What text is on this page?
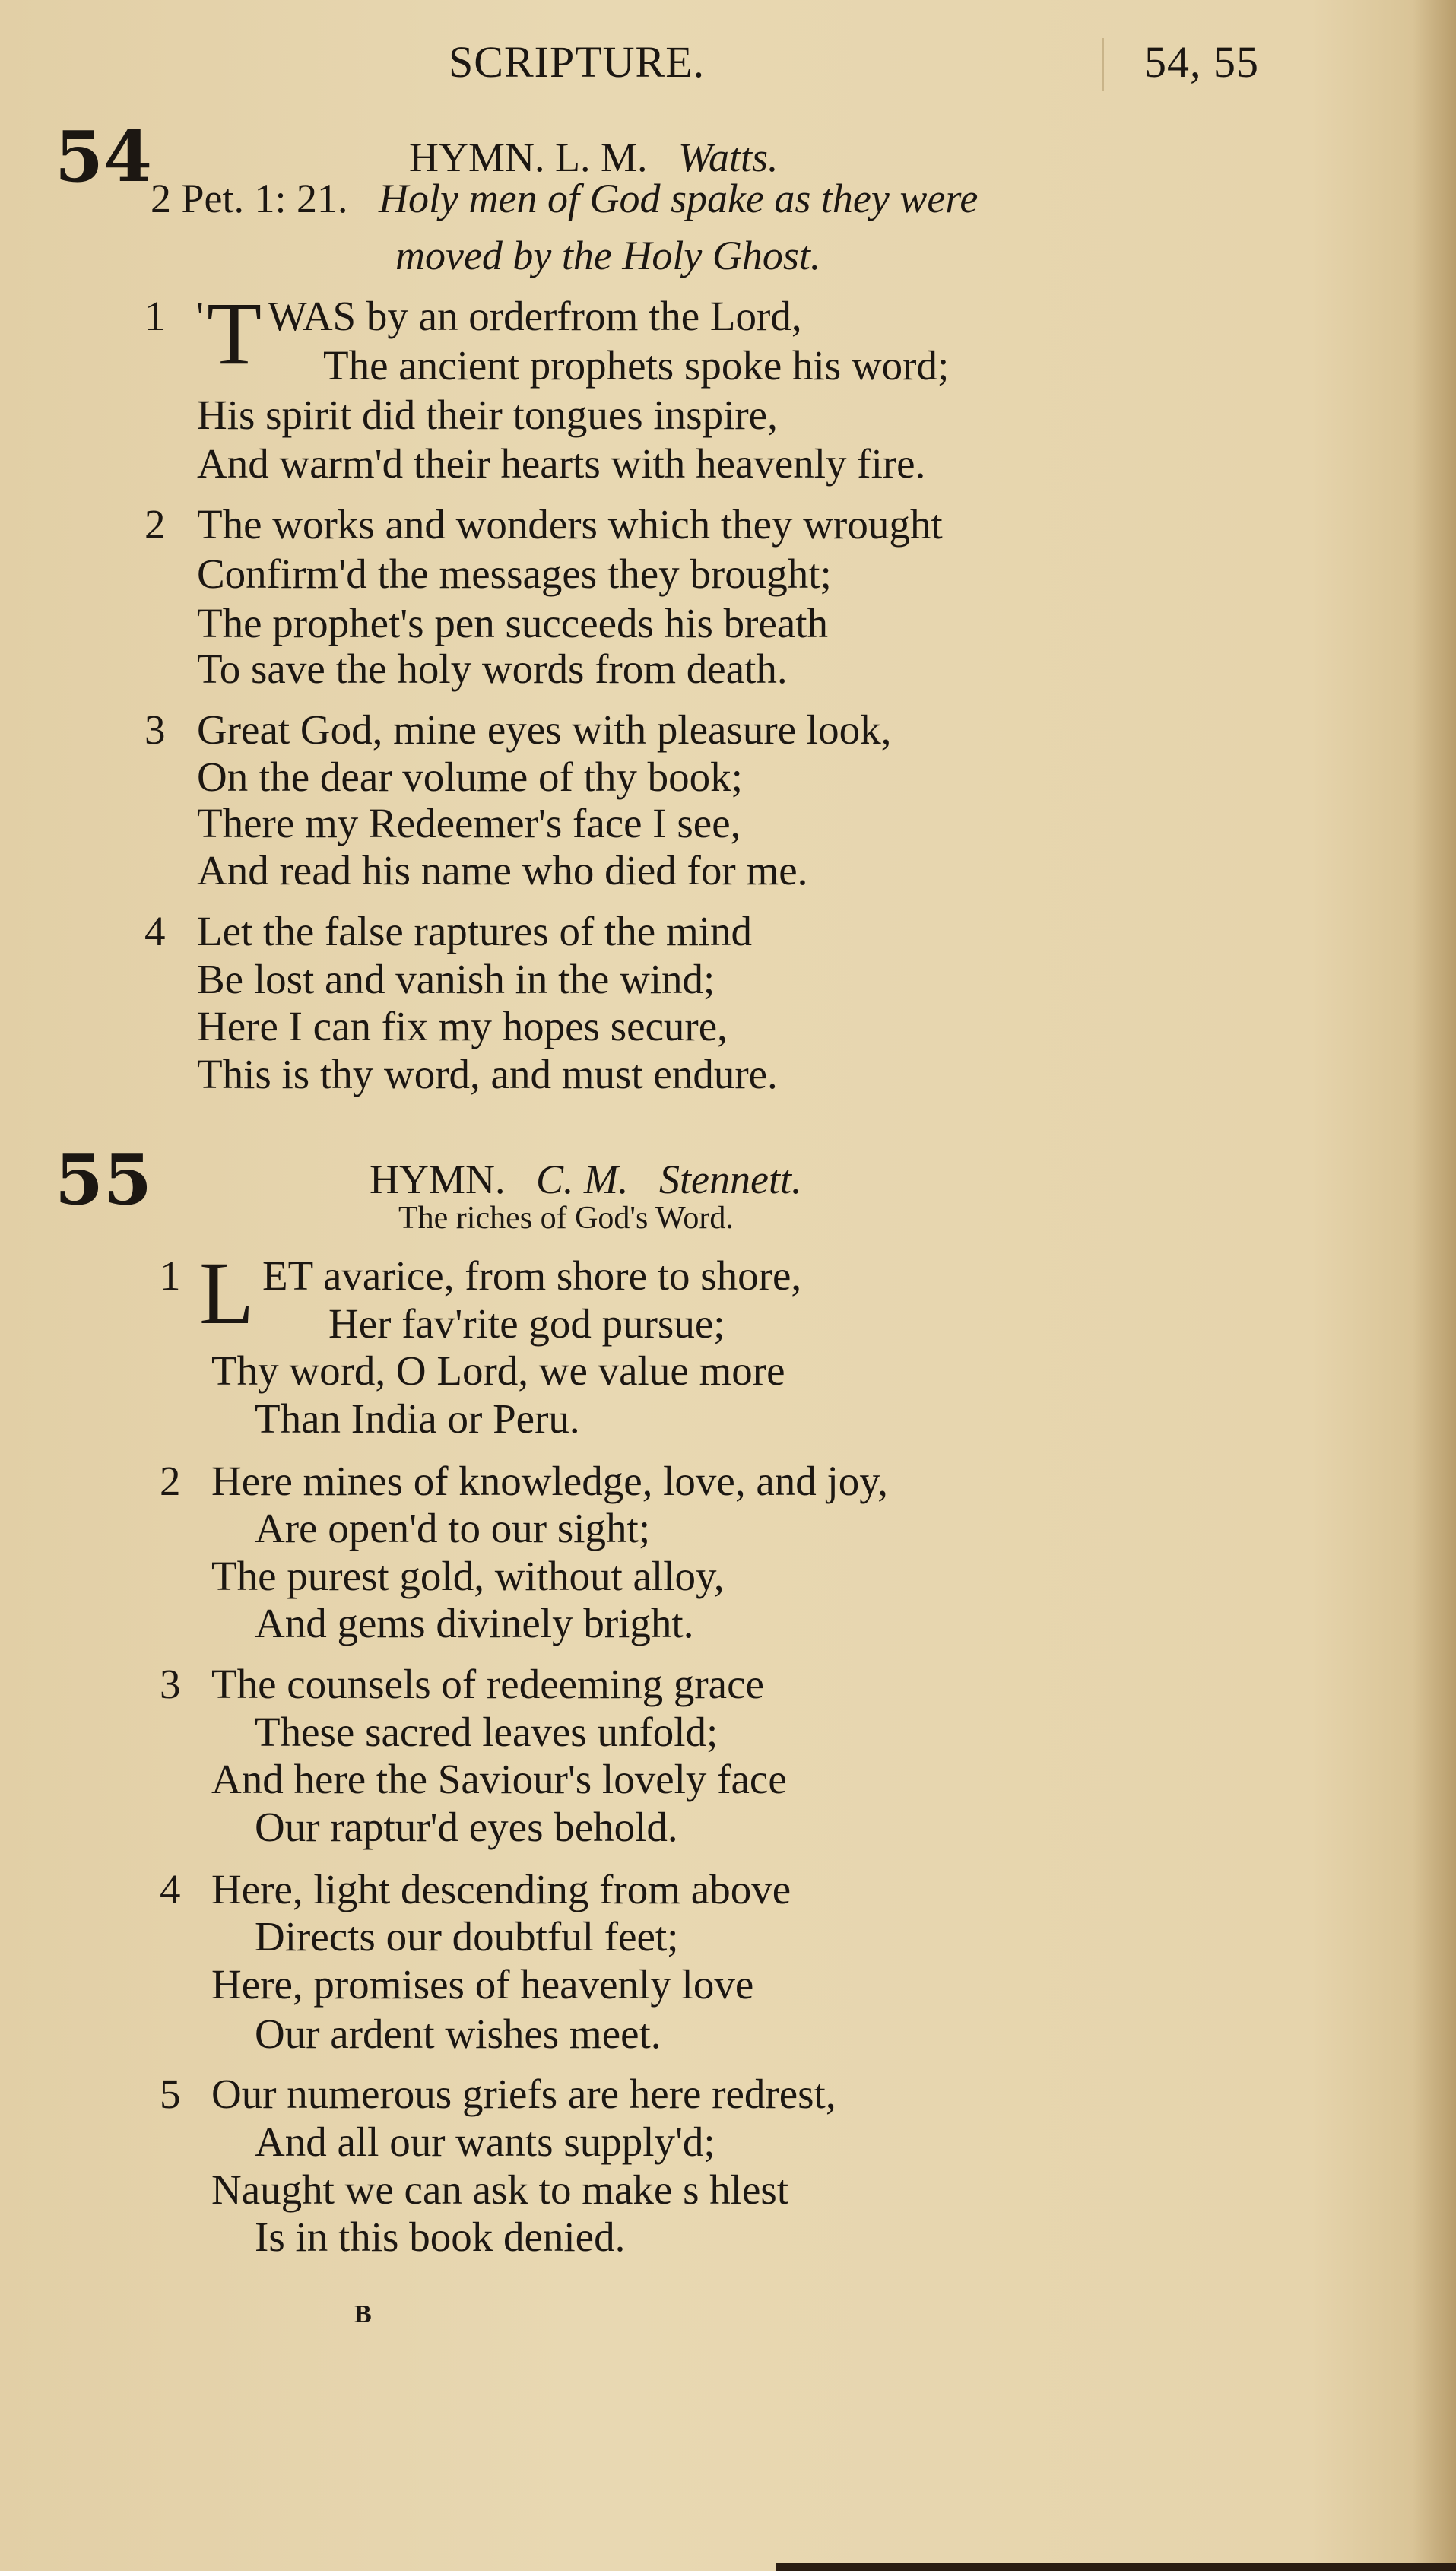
SCRIPTURE.	54, 55
54	HYMN. L. M. Watts.
2 Pet. 1: 21. Holy men of God spake as they were
moved by the Holy Ghost.
55	HYMN. C. M. Stennett.
The riches of God's Word.
1 ' T WAS by an orderfrom the Lord,
The ancient prophets spoke his word;
His spirit did their tongues inspire,
And warm'd their hearts with heavenly fire.
2 The works and wonders which they wrought
Confirm'd the messages they brought;
The prophet's pen succeeds his breath
To save the holy words from death.
3 Great God, mine eyes with pleasure look,
On the dear volume of thy book;
There my Redeemer's face I see,
And read his name who died for me.
4 Let the false raptures of the mind
Be lost and vanish in the wind;
Here I can fix my hopes secure,
This is thy word, and must endure.
1 L ET avarice, from shore to shore,
Her fav'rite god pursue;
Thy word, O Lord, we value more
Than India or Peru.
2 Here mines of knowledge, love, and joy,
Are open'd to our sight;
The purest gold, without alloy,
And gems divinely bright.
3 The counsels of redeeming grace
These sacred leaves unfold;
And here the Saviour's lovely face
Our raptur'd eyes behold.
4 Here, light descending from above
Directs our doubtful feet;
Here, promises of heavenly love
Our ardent wishes meet.
5 Our numerous griefs are here redrest,
And all our wants supply'd;
Naught we can ask to make s hlest
Is in this book denied.
B
